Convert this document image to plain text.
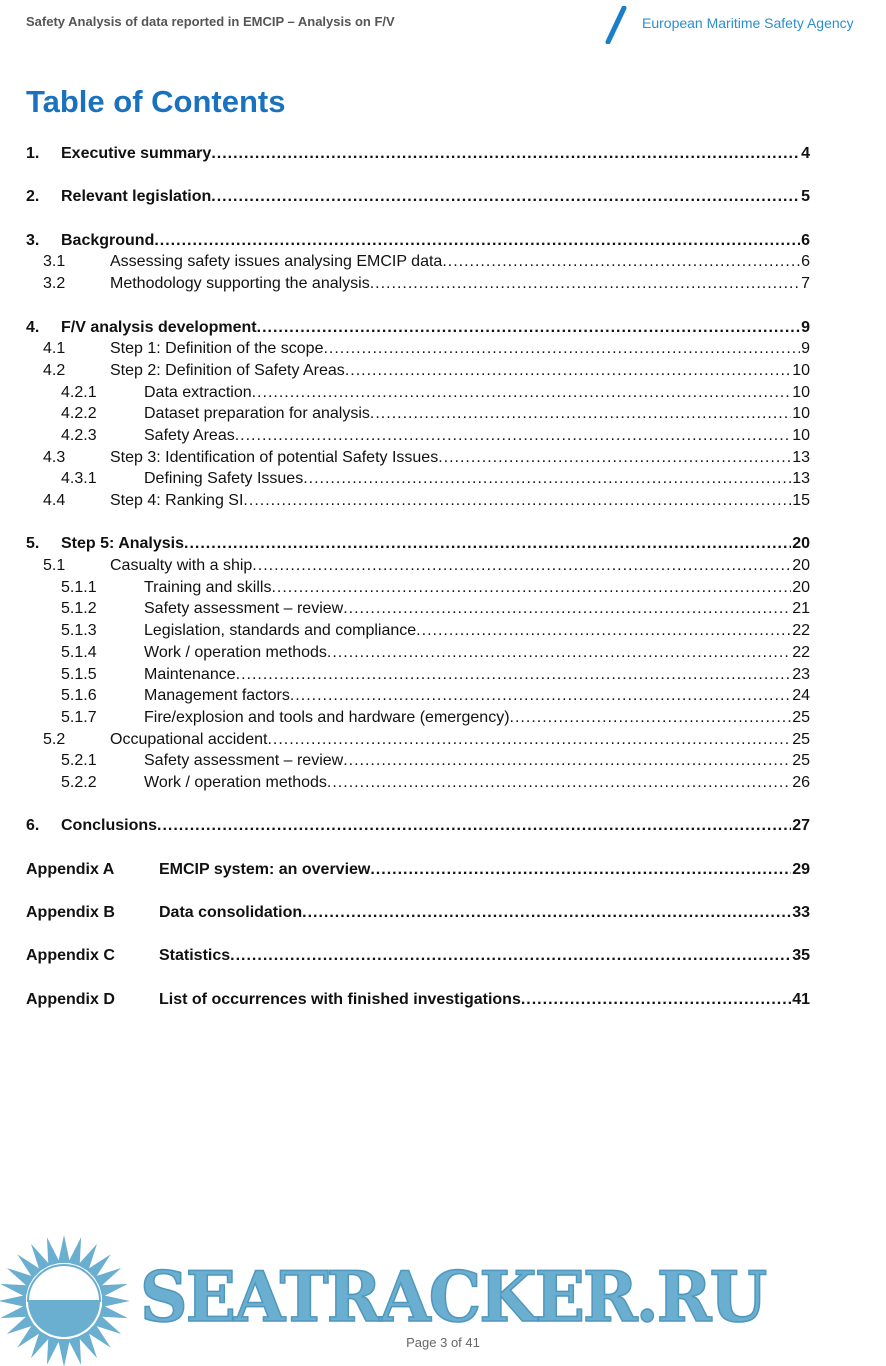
Safety Analysis of data reported in EMCIP – Analysis on F/V	European Maritime Safety Agency
Table of Contents
1. Executive summary .....	4
2. Relevant legislation .....	5
3. Background .....	6
3.1	Assessing safety issues analysing EMCIP data .....	6
3.2	Methodology supporting the analysis .....	7
4. F/V analysis development .....	9
4.1	Step 1: Definition of the scope .....	9
4.2	Step 2: Definition of Safety Areas .....	10
4.2.1	Data extraction .....	10
4.2.2	Dataset preparation for analysis .....	10
4.2.3	Safety Areas .....	10
4.3	Step 3: Identification of potential Safety Issues .....	13
4.3.1	Defining Safety Issues .....	13
4.4	Step 4: Ranking SI .....	15
5. Step 5: Analysis .....	20
5.1	Casualty with a ship .....	20
5.1.1	Training and skills .....	20
5.1.2	Safety assessment – review .....	21
5.1.3	Legislation, standards and compliance .....	22
5.1.4	Work / operation methods .....	22
5.1.5	Maintenance .....	23
5.1.6	Management factors .....	24
5.1.7	Fire/explosion and tools and hardware (emergency) .....	25
5.2	Occupational accident .....	25
5.2.1	Safety assessment – review .....	25
5.2.2	Work / operation methods .....	26
6. Conclusions .....	27
Appendix A	EMCIP system: an overview .....	29
Appendix B	Data consolidation .....	33
Appendix C	Statistics .....	35
Appendix D	List of occurrences with finished investigations .....	41
SEATRACKER.RU
Page 3 of 41
